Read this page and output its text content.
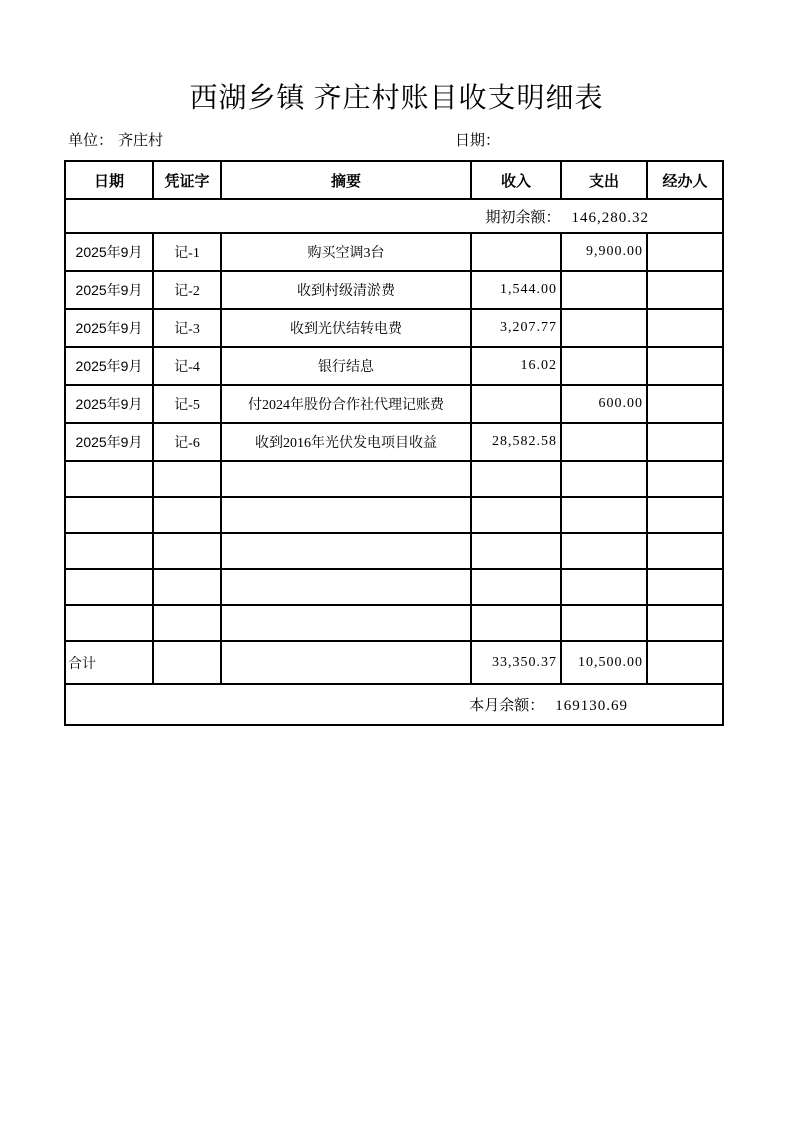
西湖乡镇 齐庄村账目收支明细表
单位： 齐庄村	日期：
日期	凭证字	摘要	收入	支出	经办人
期初余额： 146,280.32					
2025年9月	记-1	购买空调3台		9,900.00	
2025年9月	记-2	收到村级清淤费	1,544.00		
2025年9月	记-3	收到光伏结转电费	3,207.77		
2025年9月	记-4	银行结息	16.02		
2025年9月	记-5	付2024年股份合作社代理记账费		600.00	
2025年9月	记-6	收到2016年光伏发电项目收益	28,582.58		

合计			33,350.37	10,500.00	
本月余额： 169130.69					
